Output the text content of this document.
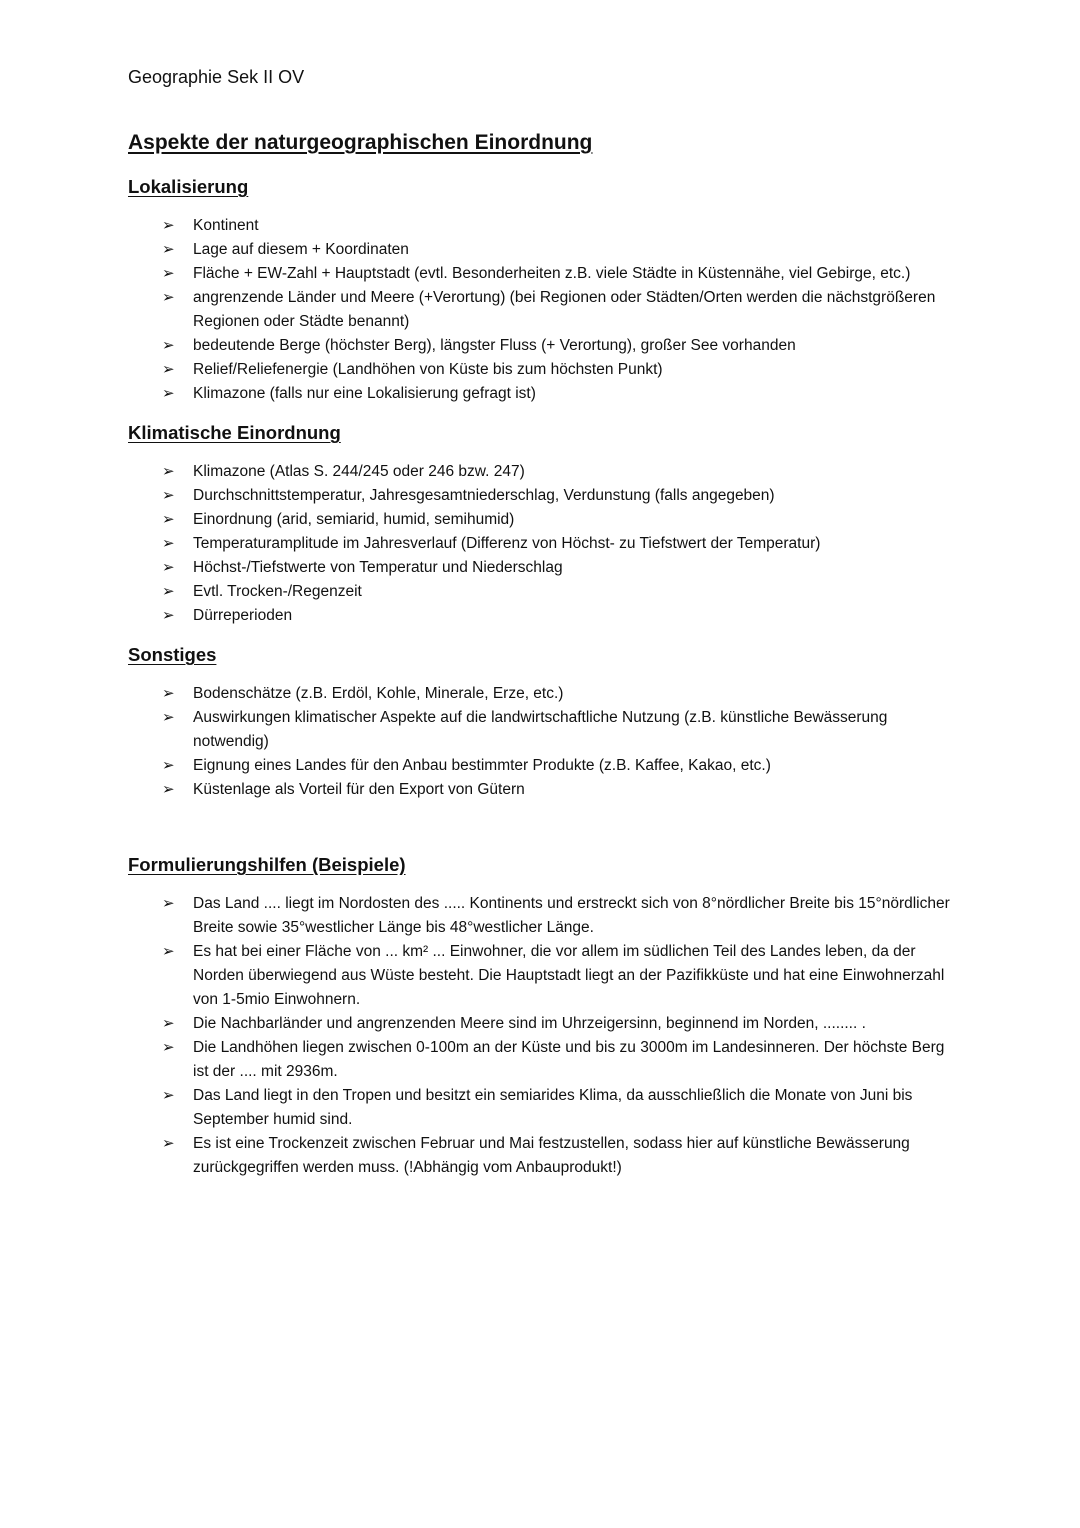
Geographie Sek II OV

Aspekte der naturgeographischen Einordnung
Lokalisierung
➢ Kontinent
➢ Lage auf diesem + Koordinaten
➢ Fläche + EW-Zahl + Hauptstadt (evtl. Besonderheiten z.B. viele Städte in Küstennähe, viel Gebirge, etc.)
➢ angrenzende Länder und Meere (+Verortung) (bei Regionen oder Städten/Orten werden die nächstgrößeren Regionen oder Städte benannt)
➢ bedeutende Berge (höchster Berg), längster Fluss (+ Verortung), großer See vorhanden
➢ Relief/Reliefenergie (Landhöhen von Küste bis zum höchsten Punkt)
➢ Klimazone (falls nur eine Lokalisierung gefragt ist)
Klimatische Einordnung
➢ Klimazone (Atlas S. 244/245 oder 246 bzw. 247)
➢ Durchschnittstemperatur, Jahresgesamtniederschlag, Verdunstung (falls angegeben)
➢ Einordnung (arid, semiarid, humid, semihumid)
➢ Temperaturamplitude im Jahresverlauf (Differenz von Höchst- zu Tiefstwert der Temperatur)
➢ Höchst-/Tiefstwerte von Temperatur und Niederschlag
➢ Evtl. Trocken-/Regenzeit
➢ Dürreperioden
Sonstiges
➢ Bodenschätze (z.B. Erdöl, Kohle, Minerale, Erze, etc.)
➢ Auswirkungen klimatischer Aspekte auf die landwirtschaftliche Nutzung (z.B. künstliche Bewässerung notwendig)
➢ Eignung eines Landes für den Anbau bestimmter Produkte (z.B. Kaffee, Kakao, etc.)
➢ Küstenlage als Vorteil für den Export von Gütern
Formulierungshilfen (Beispiele)
➢ Das Land .... liegt im Nordosten des ..... Kontinents und erstreckt sich von 8°nördlicher Breite bis 15°nördlicher Breite sowie 35°westlicher Länge bis 48°westlicher Länge.
➢ Es hat bei einer Fläche von ... km² ... Einwohner, die vor allem im südlichen Teil des Landes leben, da der Norden überwiegend aus Wüste besteht. Die Hauptstadt liegt an der Pazifikküste und hat eine Einwohnerzahl von 1-5mio Einwohnern.
➢ Die Nachbarländer und angrenzenden Meere sind im Uhrzeigersinn, beginnend im Norden, ........ .
➢ Die Landhöhen liegen zwischen 0-100m an der Küste und bis zu 3000m im Landesinneren. Der höchste Berg ist der .... mit 2936m.
➢ Das Land liegt in den Tropen und besitzt ein semiarides Klima, da ausschließlich die Monate von Juni bis September humid sind.
➢ Es ist eine Trockenzeit zwischen Februar und Mai festzustellen, sodass hier auf künstliche Bewässerung zurückgegriffen werden muss. (!Abhängig vom Anbauprodukt!)
